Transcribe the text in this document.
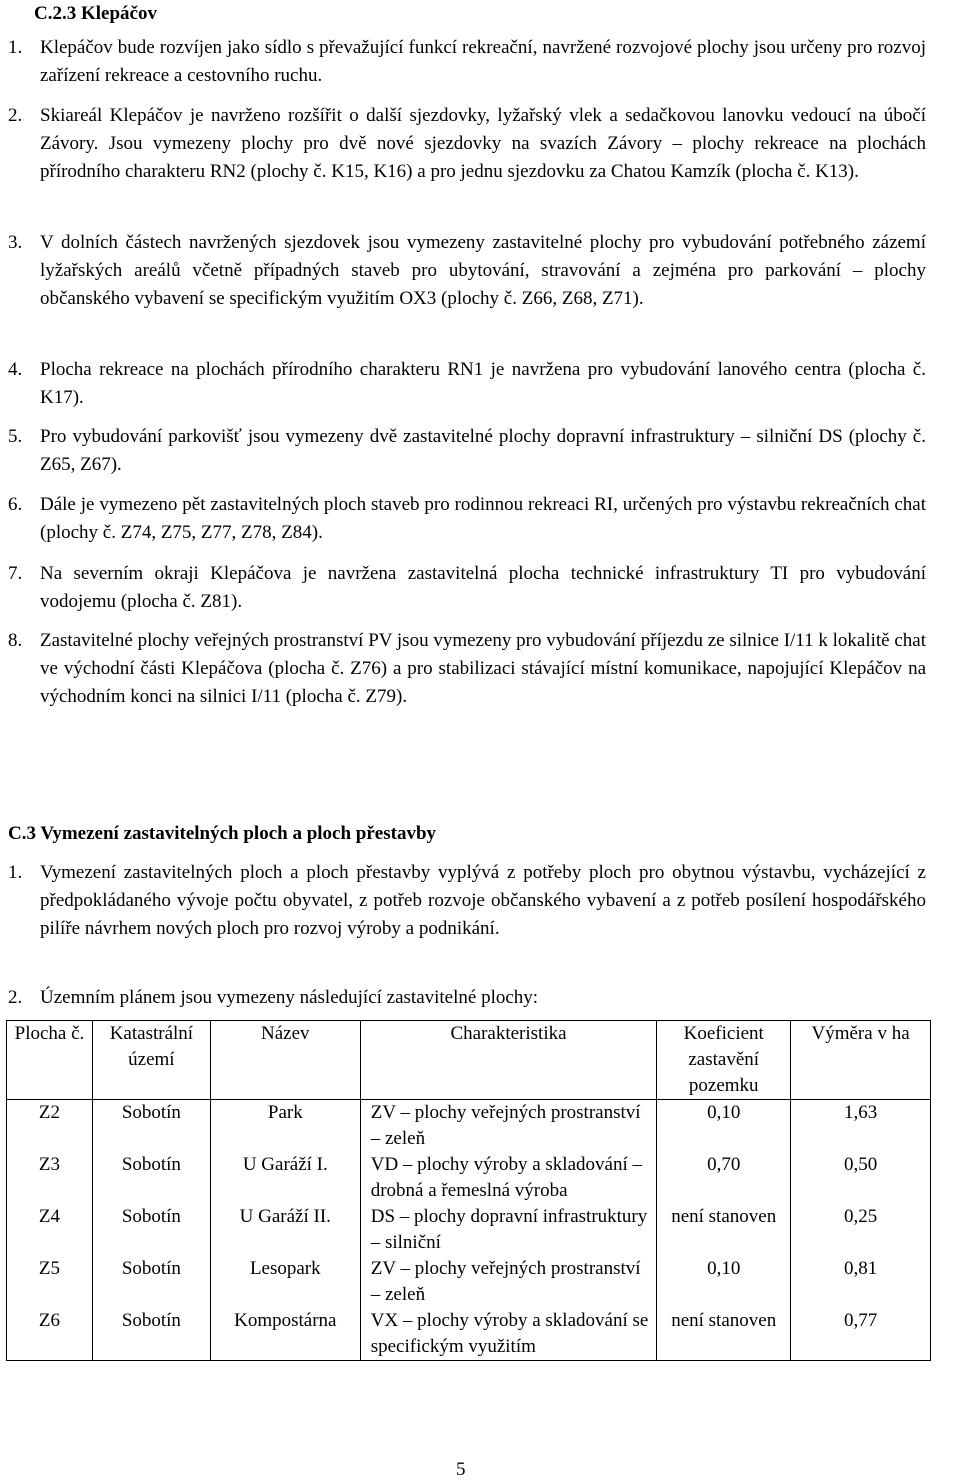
C.2.3 Klepáčov
1. Klepáčov bude rozvíjen jako sídlo s převažující funkcí rekreační, navržené rozvojové plochy jsou určeny pro rozvoj zařízení rekreace a cestovního ruchu.
2. Skiareál Klepáčov je navrženo rozšířit o další sjezdovky, lyžařský vlek a sedačkovou lanovku vedoucí na úbočí Závory. Jsou vymezeny plochy pro dvě nové sjezdovky na svazích Závory – plochy rekreace na plochách přírodního charakteru RN2 (plochy č. K15, K16) a pro jednu sjezdovku za Chatou Kamzík (plocha č. K13).
3. V dolních částech navržených sjezdovek jsou vymezeny zastavitelné plochy pro vybudování potřebného zázemí lyžařských areálů včetně případných staveb pro ubytování, stravování a zejména pro parkování – plochy občanského vybavení se specifickým využitím OX3 (plochy č. Z66, Z68, Z71).
4. Plocha rekreace na plochách přírodního charakteru RN1 je navržena pro vybudování lanového centra (plocha č. K17).
5. Pro vybudování parkovišť jsou vymezeny dvě zastavitelné plochy dopravní infrastruktury – silniční DS (plochy č. Z65, Z67).
6. Dále je vymezeno pět zastavitelných ploch staveb pro rodinnou rekreaci RI, určených pro výstavbu rekreačních chat (plochy č. Z74, Z75, Z77, Z78, Z84).
7. Na severním okraji Klepáčova je navržena zastavitelná plocha technické infrastruktury TI pro vybudování vodojemu (plocha č. Z81).
8. Zastavitelné plochy veřejných prostranství PV jsou vymezeny pro vybudování příjezdu ze silnice I/11 k lokalitě chat ve východní části Klepáčova (plocha č. Z76) a pro stabilizaci stávající místní komunikace, napojující Klepáčov na východním konci na silnici I/11 (plocha č. Z79).
C.3 Vymezení zastavitelných ploch a ploch přestavby
1. Vymezení zastavitelných ploch a ploch přestavby vyplývá z potřeby ploch pro obytnou výstavbu, vycházející z předpokládaného vývoje počtu obyvatel, z potřeb rozvoje občanského vybavení a z potřeb posílení hospodářského pilíře návrhem nových ploch pro rozvoj výroby a podnikání.
2. Územním plánem jsou vymezeny následující zastavitelné plochy:
Plocha č.	Katastrální území	Název	Charakteristika	Koeficient zastavění pozemku	Výměra v ha
Z2	Sobotín	Park	ZV – plochy veřejných prostranství – zeleň	0,10	1,63
Z3	Sobotín	U Garáží I.	VD – plochy výroby a skladování – drobná a řemeslná výroba	0,70	0,50
Z4	Sobotín	U Garáží II.	DS – plochy dopravní infrastruktury – silniční	není stanoven	0,25
Z5	Sobotín	Lesopark	ZV – plochy veřejných prostranství – zeleň	0,10	0,81
Z6	Sobotín	Kompostárna	VX – plochy výroby a skladování se specifickým využitím	není stanoven	0,77
5
